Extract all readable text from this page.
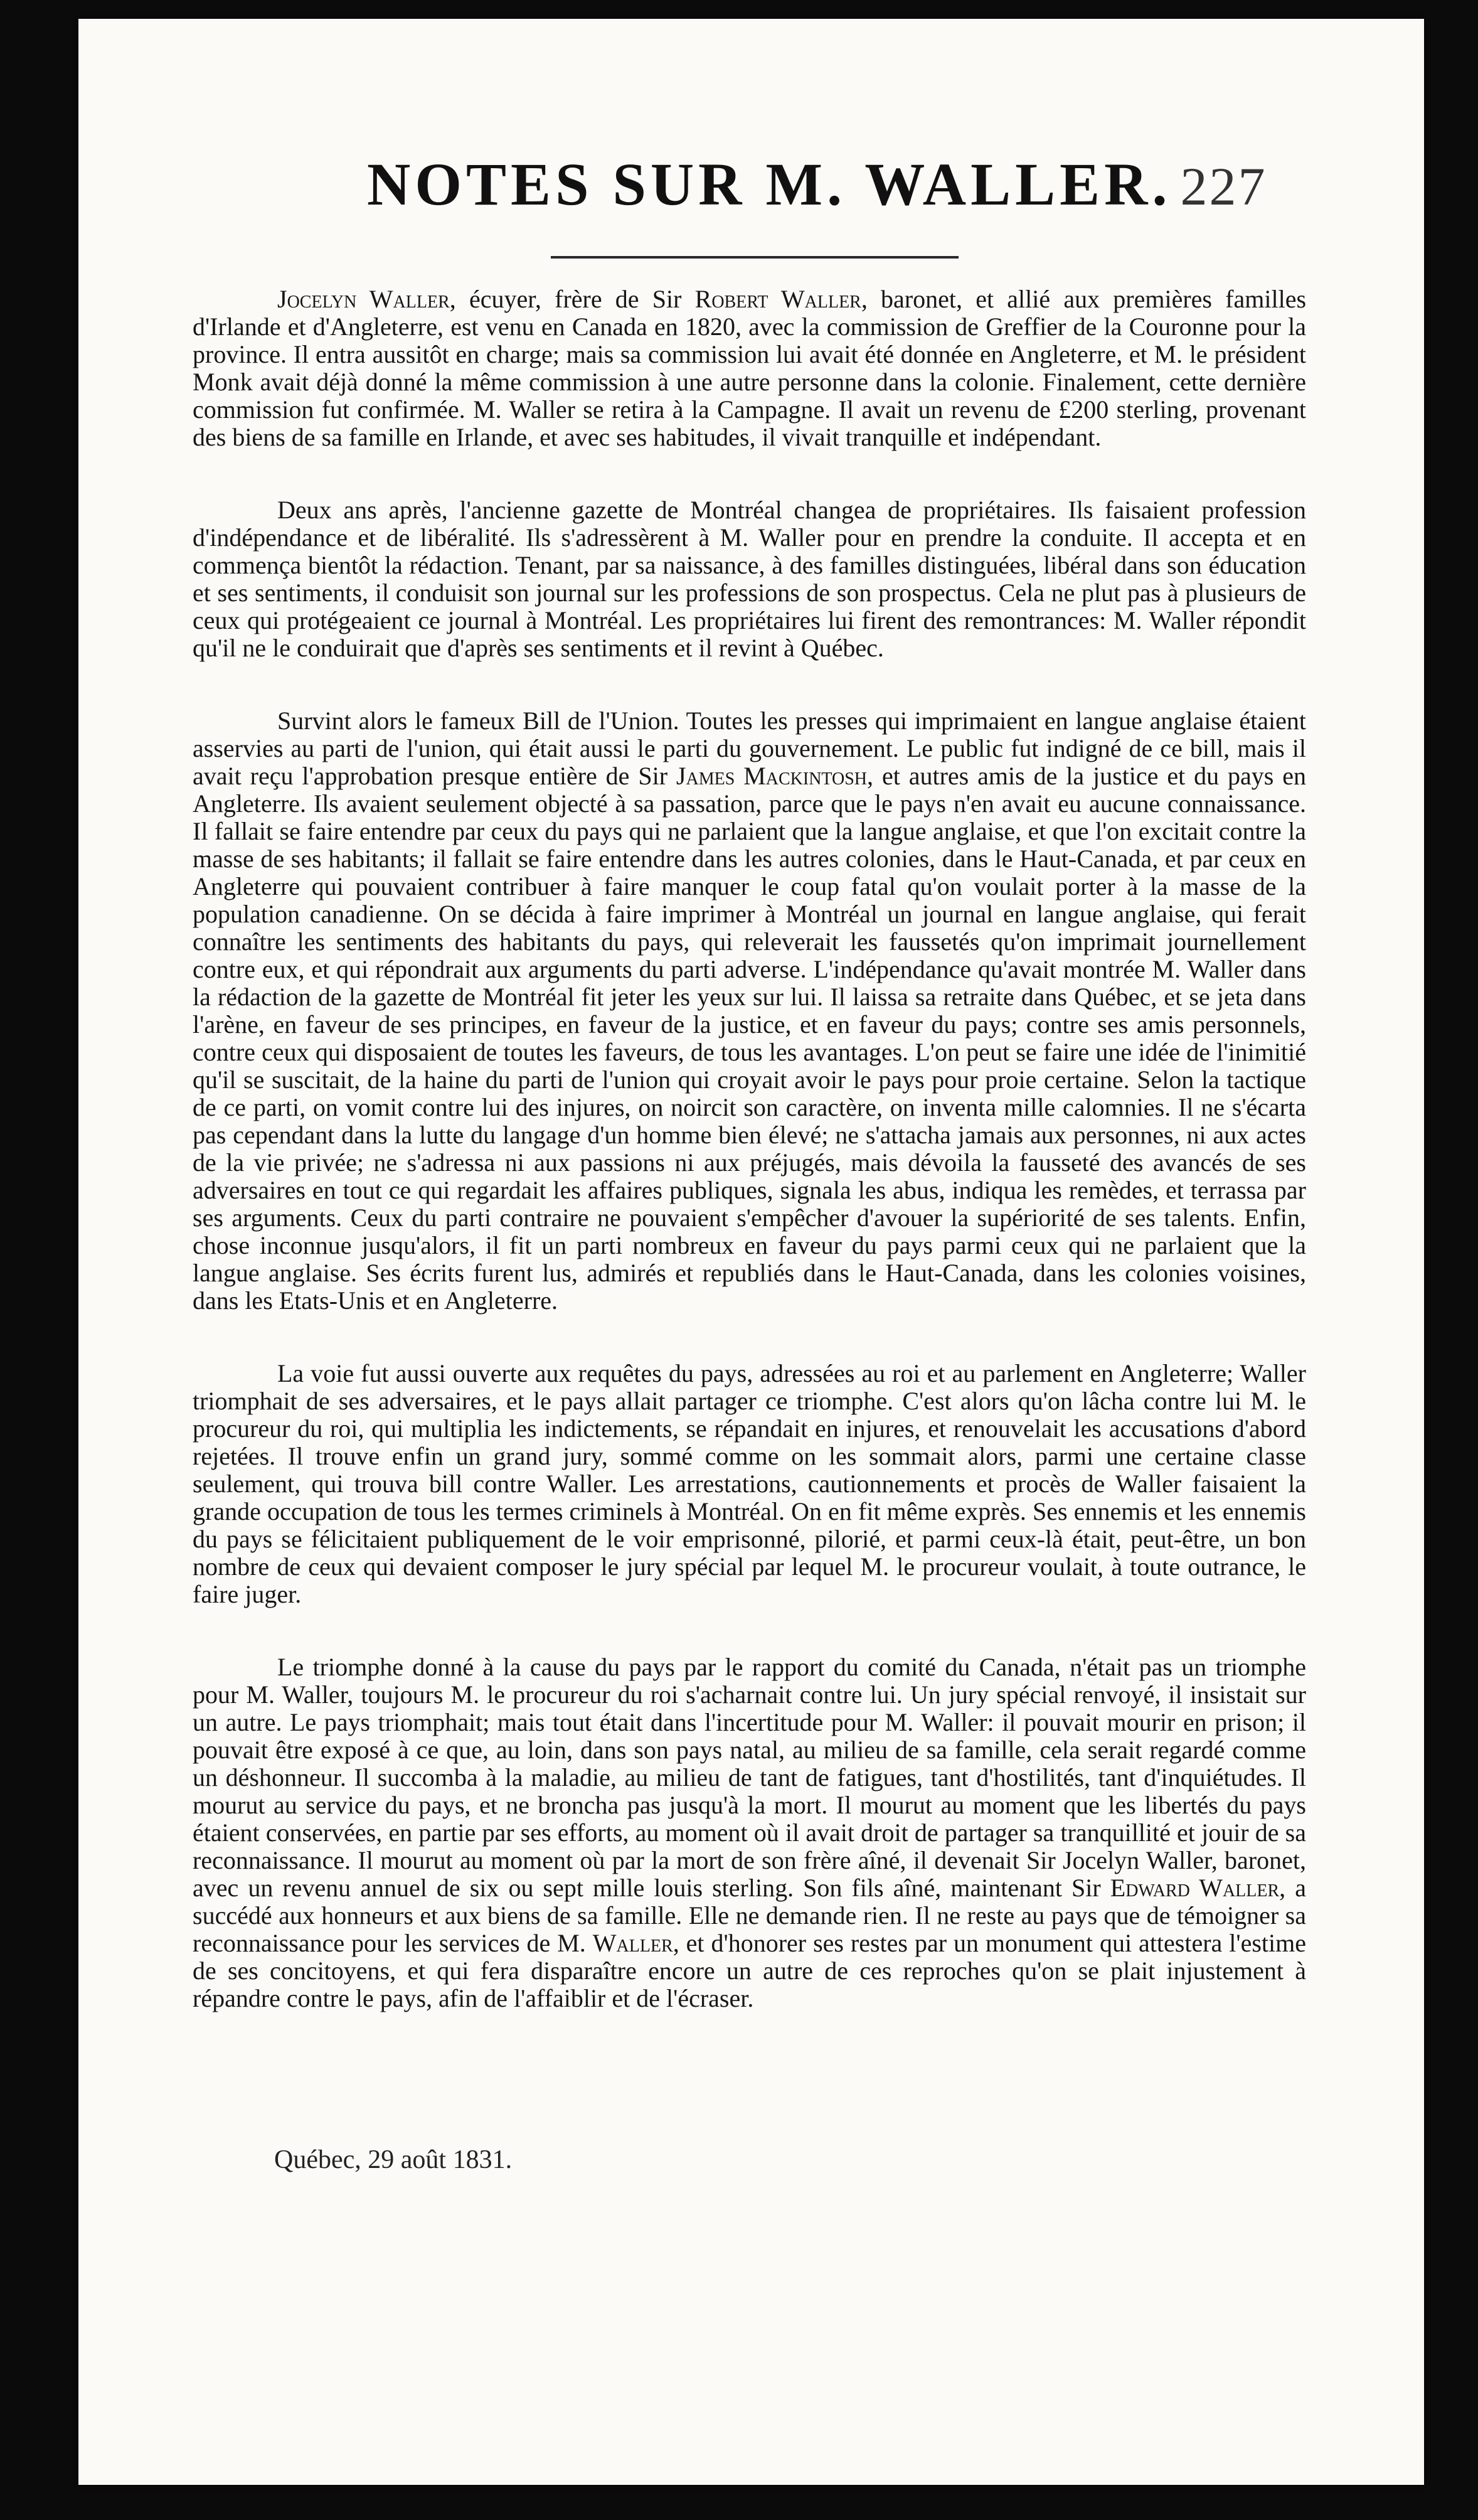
NOTES SUR M. WALLER. 227

Jocelyn Waller, écuyer, frère de Sir Robert Waller, baronet, et allié aux premières familles d'Irlande et d'Angleterre, est venu en Canada en 1820, avec la commission de Greffier de la Couronne pour la province. Il entra aussitôt en charge; mais sa commission lui avait été donnée en Angleterre, et M. le président Monk avait déjà donné la même commission à une autre personne dans la colonie. Finalement, cette dernière commission fut confirmée. M. Waller se retira à la Campagne. Il avait un revenu de £200 sterling, provenant des biens de sa famille en Irlande, et avec ses habitudes, il vivait tranquille et indépendant.

Deux ans après, l'ancienne gazette de Montréal changea de propriétaires. Ils faisaient profession d'indépendance et de libéralité. Ils s'adressèrent à M. Waller pour en prendre la conduite. Il accepta et en commença bientôt la rédaction. Tenant, par sa naissance, à des familles distinguées, libéral dans son éducation et ses sentiments, il conduisit son journal sur les professions de son prospectus. Cela ne plut pas à plusieurs de ceux qui protégeaient ce journal à Montréal. Les propriétaires lui firent des remontrances: M. Waller répondit qu'il ne le conduirait que d'après ses sentiments et il revint à Québec.

Survint alors le fameux Bill de l'Union. Toutes les presses qui imprimaient en langue anglaise étaient asservies au parti de l'union, qui était aussi le parti du gouvernement. Le public fut indigné de ce bill, mais il avait reçu l'approbation presque entière de Sir James Mackintosh, et autres amis de la justice et du pays en Angleterre. Ils avaient seulement objecté à sa passation, parce que le pays n'en avait eu aucune connaissance. Il fallait se faire entendre par ceux du pays qui ne parlaient que la langue anglaise, et que l'on excitait contre la masse de ses habitants; il fallait se faire entendre dans les autres colonies, dans le Haut-Canada, et par ceux en Angleterre qui pouvaient contribuer à faire manquer le coup fatal qu'on voulait porter à la masse de la population canadienne. On se décida à faire imprimer à Montréal un journal en langue anglaise, qui ferait connaître les sentiments des habitants du pays, qui releverait les faussetés qu'on imprimait journellement contre eux, et qui répondrait aux arguments du parti adverse. L'indépendance qu'avait montrée M. Waller dans la rédaction de la gazette de Montréal fit jeter les yeux sur lui. Il laissa sa retraite dans Québec, et se jeta dans l'arène, en faveur de ses principes, en faveur de la justice, et en faveur du pays; contre ses amis personnels, contre ceux qui disposaient de toutes les faveurs, de tous les avantages. L'on peut se faire une idée de l'inimitié qu'il se suscitait, de la haine du parti de l'union qui croyait avoir le pays pour proie certaine. Selon la tactique de ce parti, on vomit contre lui des injures, on noircit son caractère, on inventa mille calomnies. Il ne s'écarta pas cependant dans la lutte du langage d'un homme bien élevé; ne s'attacha jamais aux personnes, ni aux actes de la vie privée; ne s'adressa ni aux passions ni aux préjugés, mais dévoila la fausseté des avancés de ses adversaires en tout ce qui regardait les affaires publiques, signala les abus, indiqua les remèdes, et terrassa par ses arguments. Ceux du parti contraire ne pouvaient s'empêcher d'avouer la supériorité de ses talents. Enfin, chose inconnue jusqu'alors, il fit un parti nombreux en faveur du pays parmi ceux qui ne parlaient que la langue anglaise. Ses écrits furent lus, admirés et republiés dans le Haut-Canada, dans les colonies voisines, dans les Etats-Unis et en Angleterre.

La voie fut aussi ouverte aux requêtes du pays, adressées au roi et au parlement en Angleterre; Waller triomphait de ses adversaires, et le pays allait partager ce triomphe. C'est alors qu'on lâcha contre lui M. le procureur du roi, qui multiplia les indictements, se répandait en injures, et renouvelait les accusations d'abord rejetées. Il trouve enfin un grand jury, sommé comme on les sommait alors, parmi une certaine classe seulement, qui trouva bill contre Waller. Les arrestations, cautionnements et procès de Waller faisaient la grande occupation de tous les termes criminels à Montréal. On en fit même exprès. Ses ennemis et les ennemis du pays se félicitaient publiquement de le voir emprisonné, pilorié, et parmi ceux-là était, peut-être, un bon nombre de ceux qui devaient composer le jury spécial par lequel M. le procureur voulait, à toute outrance, le faire juger.

Le triomphe donné à la cause du pays par le rapport du comité du Canada, n'était pas un triomphe pour M. Waller, toujours M. le procureur du roi s'acharnait contre lui. Un jury spécial renvoyé, il insistait sur un autre. Le pays triomphait; mais tout était dans l'incertitude pour M. Waller: il pouvait mourir en prison; il pouvait être exposé à ce que, au loin, dans son pays natal, au milieu de sa famille, cela serait regardé comme un déshonneur. Il succomba à la maladie, au milieu de tant de fatigues, tant d'hostilités, tant d'inquiétudes. Il mourut au service du pays, et ne broncha pas jusqu'à la mort. Il mourut au moment que les libertés du pays étaient conservées, en partie par ses efforts, au moment où il avait droit de partager sa tranquillité et jouir de sa reconnaissance. Il mourut au moment où par la mort de son frère aîné, il devenait Sir Jocelyn Waller, baronet, avec un revenu annuel de six ou sept mille louis sterling. Son fils aîné, maintenant Sir Edward Waller, a succédé aux honneurs et aux biens de sa famille. Elle ne demande rien. Il ne reste au pays que de témoigner sa reconnaissance pour les services de M. Waller, et d'honorer ses restes par un monument qui attestera l'estime de ses concitoyens, et qui fera disparaître encore un autre de ces reproches qu'on se plait injustement à répandre contre le pays, afin de l'affaiblir et de l'écraser.

Québec, 29 août 1831.
